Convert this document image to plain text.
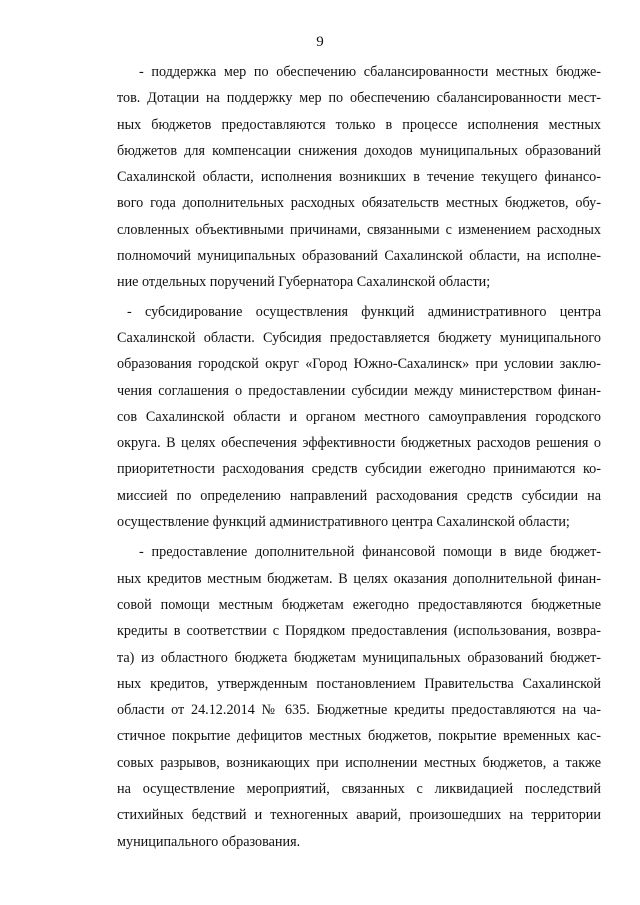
9
- поддержка мер по обеспечению сбалансированности местных бюдже-
тов. Дотации на поддержку мер по обеспечению сбалансированности мест-
ных бюджетов предоставляются только в процессе исполнения местных
бюджетов для компенсации снижения доходов муниципальных образований
Сахалинской области, исполнения возникших в течение текущего финансо-
вого года дополнительных расходных обязательств местных бюджетов, обу-
словленных объективными причинами, связанными с изменением расходных
полномочий муниципальных образований Сахалинской области, на исполне-
ние отдельных поручений Губернатора Сахалинской области;
- субсидирование осуществления функций административного центра
Сахалинской области. Субсидия предоставляется бюджету муниципального
образования городской округ «Город Южно-Сахалинск» при условии заклю-
чения соглашения о предоставлении субсидии между министерством финан-
сов Сахалинской области и органом местного самоуправления городского
округа. В целях обеспечения эффективности бюджетных расходов решения о
приоритетности расходования средств субсидии ежегодно принимаются ко-
миссией по определению направлений расходования средств субсидии на
осуществление функций административного центра Сахалинской области;
- предоставление дополнительной финансовой помощи в виде бюджет-
ных кредитов местным бюджетам. В целях оказания дополнительной финан-
совой помощи местным бюджетам ежегодно предоставляются бюджетные
кредиты в соответствии с Порядком предоставления (использования, возвра-
та) из областного бюджета бюджетам муниципальных образований бюджет-
ных кредитов, утвержденным постановлением Правительства Сахалинской
области от 24.12.2014 № 635. Бюджетные кредиты предоставляются на ча-
стичное покрытие дефицитов местных бюджетов, покрытие временных кас-
совых разрывов, возникающих при исполнении местных бюджетов, а также
на осуществление мероприятий, связанных с ликвидацией последствий
стихийных бедствий и техногенных аварий, произошедших на территории
муниципального образования.
